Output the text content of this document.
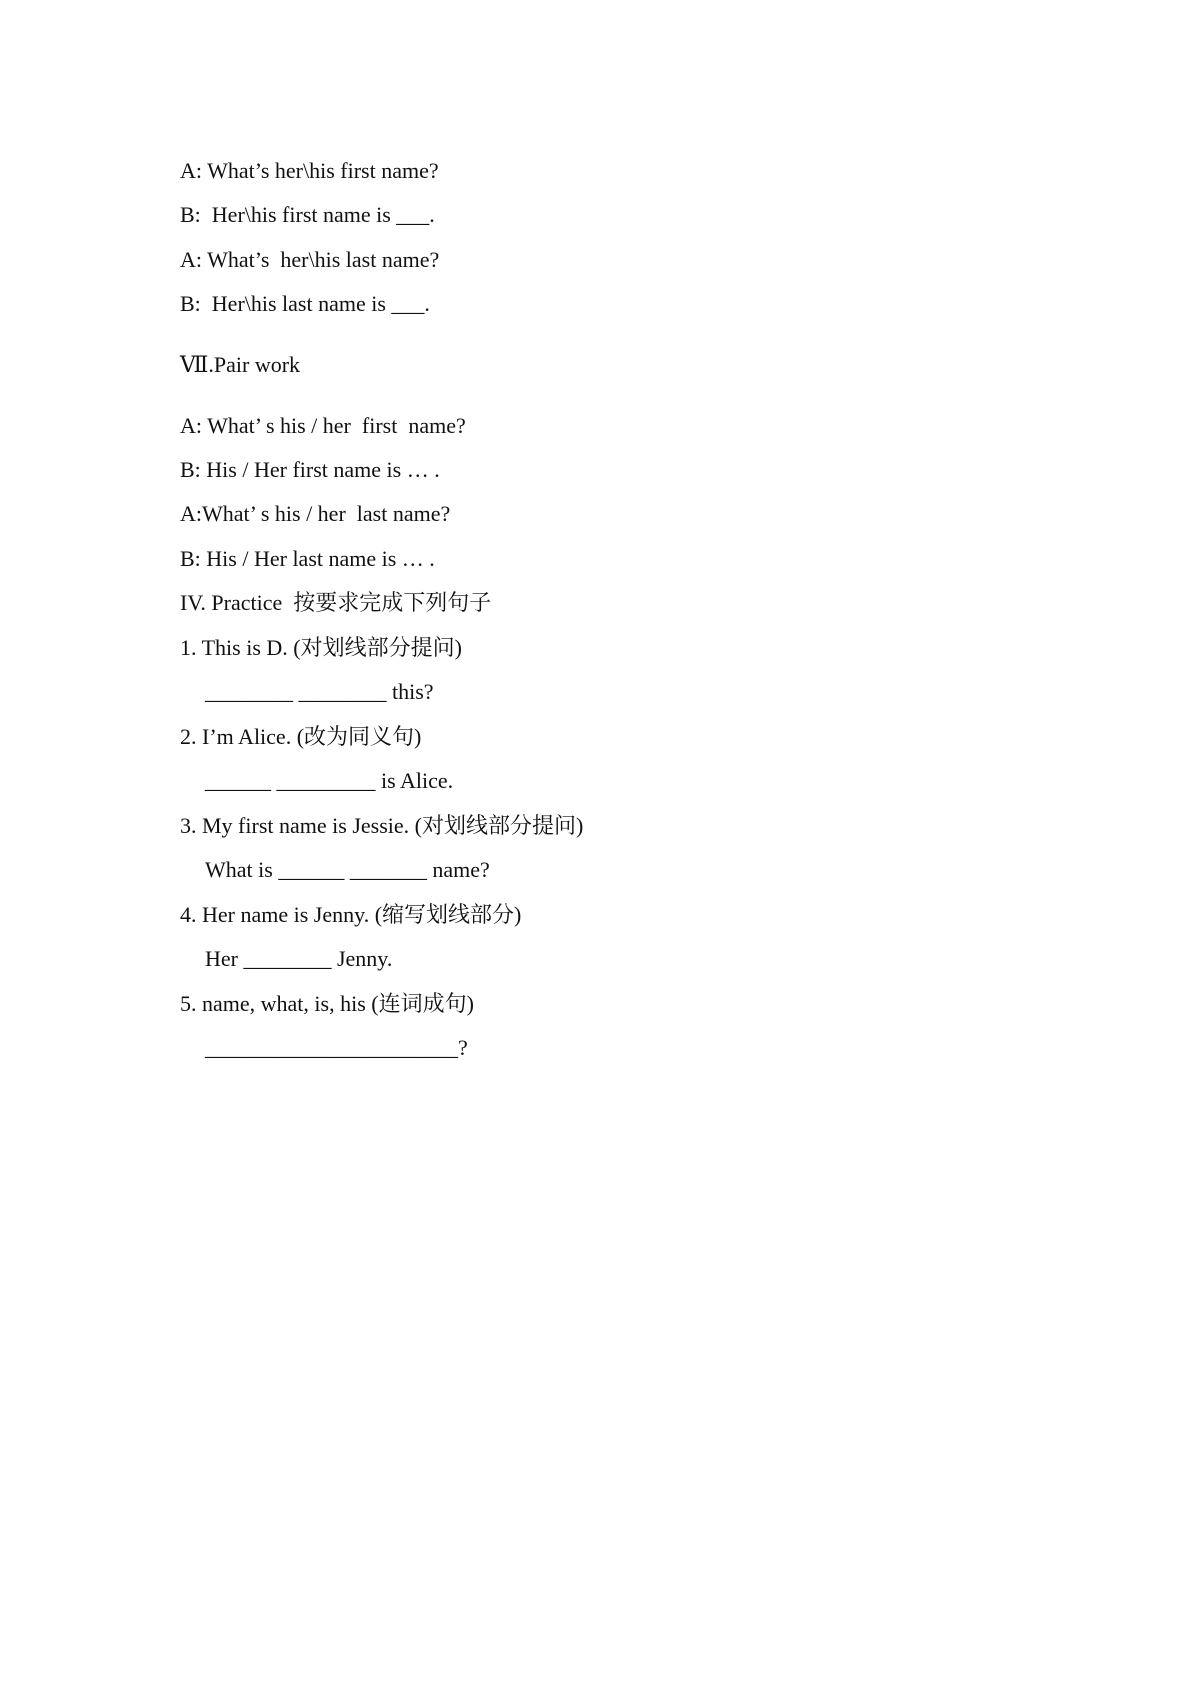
A: What’s her\his first name?

B:  Her\his first name is ___.

A: What’s  her\his last name?

B:  Her\his last name is ___.

Ⅶ.Pair work

A: What’ s his / her  first  name?

B: His / Her first name is … .

A:What’ s his / her  last name?

B: His / Her last name is … .

IV. Practice  按要求完成下列句子

1. This is D. (对划线部分提问)

________ ________ this?

2. I’m Alice. (改为同义句)

______ _________ is Alice.

3. My first name is Jessie. (对划线部分提问)

What is ______ _______ name?

4. Her name is Jenny. (缩写划线部分)

Her ________ Jenny.

5. name, what, is, his (连词成句)

_______________________?
